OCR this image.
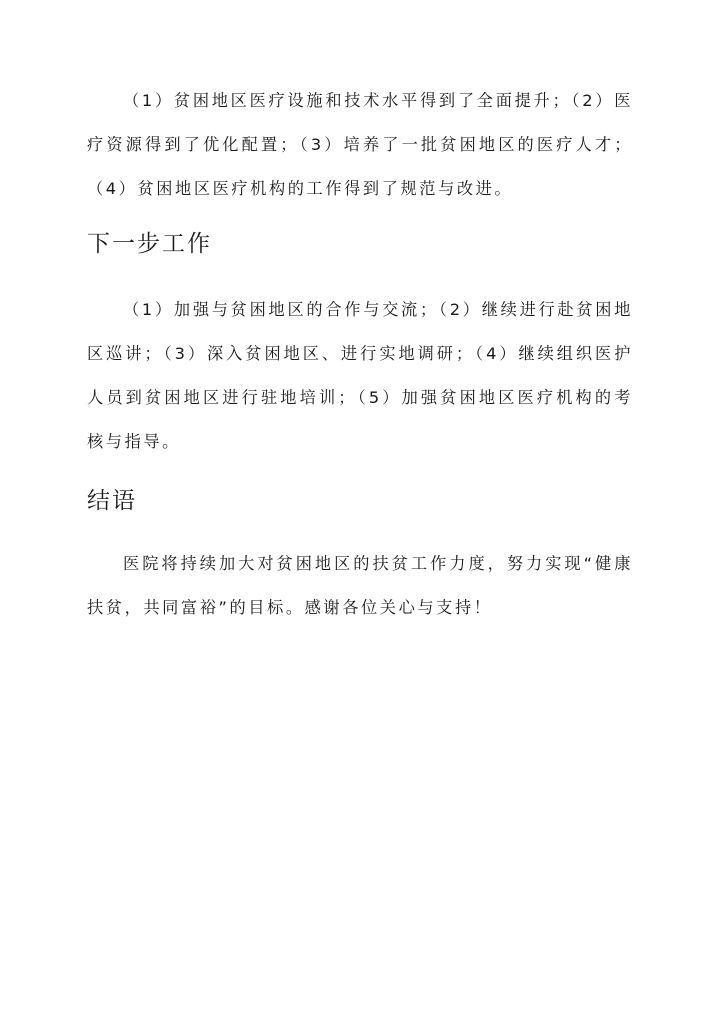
（1）贫困地区医疗设施和技术水平得到了全面提升；（2）医疗资源得到了优化配置；（3）培养了一批贫困地区的医疗人才；（4）贫困地区医疗机构的工作得到了规范与改进。

下一步工作

（1）加强与贫困地区的合作与交流；（2）继续进行赴贫困地区巡讲；（3）深入贫困地区、进行实地调研；（4）继续组织医护人员到贫困地区进行驻地培训；（5）加强贫困地区医疗机构的考核与指导。

结语

医院将持续加大对贫困地区的扶贫工作力度，努力实现“健康扶贫，共同富裕”的目标。感谢各位关心与支持！
